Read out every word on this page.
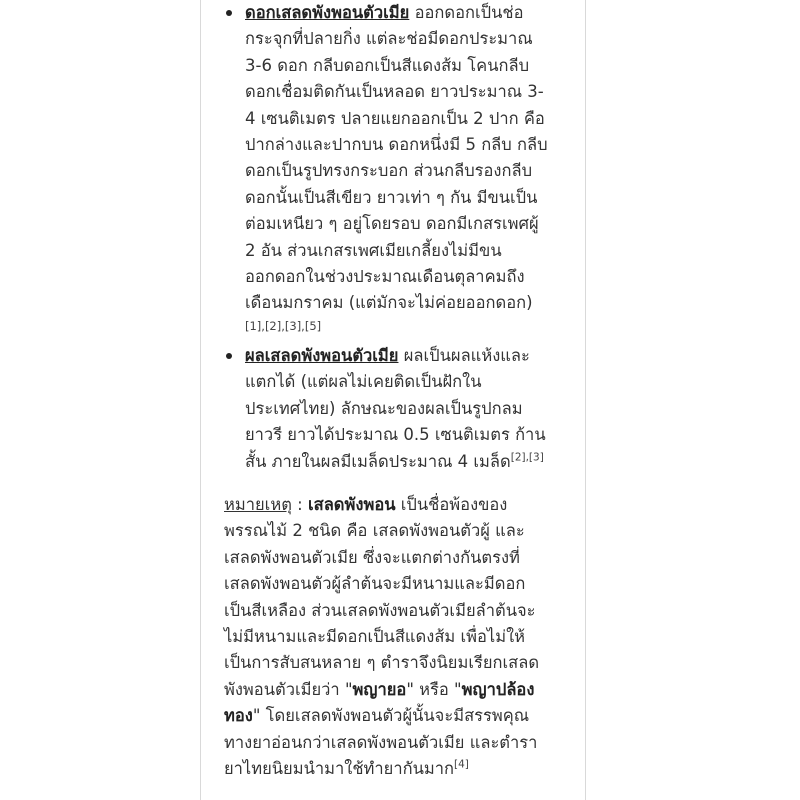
ดอกเสลดพังพอนตัวเมีย ออกดอกเป็นช่อ
กระจุกที่ปลายกิ่ง แต่ละช่อมีดอกประมาณ
3-6 ดอก กลีบดอกเป็นสีแดงส้ม โคนกลีบ
ดอกเชื่อมติดกันเป็นหลอด ยาวประมาณ 3-
4 เซนติเมตร ปลายแยกออกเป็น 2 ปาก คือ
ปากล่างและปากบน ดอกหนึ่งมี 5 กลีบ กลีบ
ดอกเป็นรูปทรงกระบอก ส่วนกลีบรองกลีบ
ดอกนั้นเป็นสีเขียว ยาวเท่า ๆ กัน มีขนเป็น
ต่อมเหนียว ๆ อยู่โดยรอบ ดอกมีเกสรเพศผู้
2 อัน ส่วนเกสรเพศเมียเกลี้ยงไม่มีขน
ออกดอกในช่วงประมาณเดือนตุลาคมถึง
เดือนมกราคม (แต่มักจะไม่ค่อยออกดอก)
[1],[2],[3],[5]
ผลเสลดพังพอนตัวเมีย ผลเป็นผลแห้งและ
แตกได้ (แต่ผลไม่เคยติดเป็นฝักใน
ประเทศไทย) ลักษณะของผลเป็นรูปกลม
ยาวรี ยาวได้ประมาณ 0.5 เซนติเมตร ก้าน
สั้น ภายในผลมีเมล็ดประมาณ 4 เมล็ด[2],[3]

หมายเหตุ : เสลดพังพอน เป็นชื่อพ้องของ
พรรณไม้ 2 ชนิด คือ เสลดพังพอนตัวผู้ และ
เสลดพังพอนตัวเมีย ซึ่งจะแตกต่างกันตรงที่
เสลดพังพอนตัวผู้ลำต้นจะมีหนามและมีดอก
เป็นสีเหลือง ส่วนเสลดพังพอนตัวเมียลำต้นจะ
ไม่มีหนามและมีดอกเป็นสีแดงส้ม เพื่อไม่ให้
เป็นการสับสนหลาย ๆ ตำราจึงนิยมเรียกเสลด
พังพอนตัวเมียว่า "พญายอ" หรือ "พญาปล้อง
ทอง" โดยเสลดพังพอนตัวผู้นั้นจะมีสรรพคุณ
ทางยาอ่อนกว่าเสลดพังพอนตัวเมีย และตำรา
ยาไทยนิยมนำมาใช้ทำยากันมาก[4]
